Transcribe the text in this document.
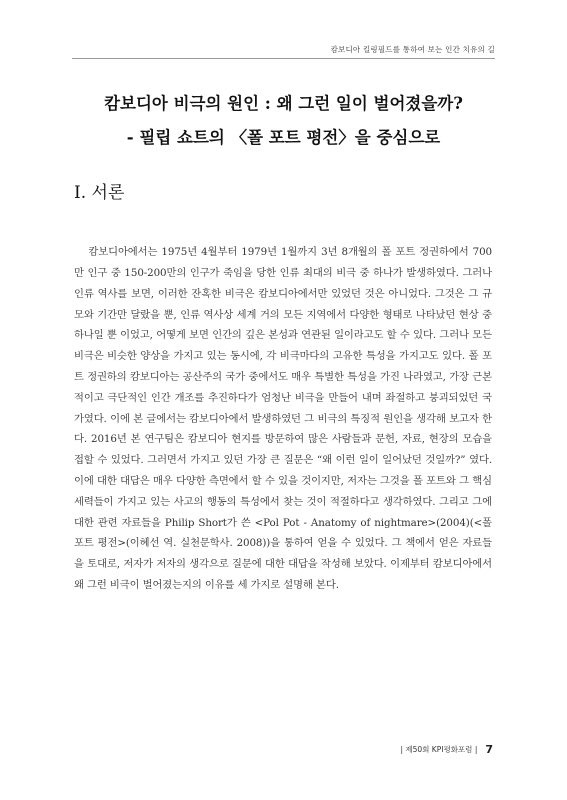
캄보디아 킬링필드를 통하여 보는 인간 치유의 길
캄보디아 비극의 원인 : 왜 그런 일이 벌어졌을까?
- 필립 쇼트의 〈폴 포트 평전〉을 중심으로
I. 서론

캄보디아에서는 1975년 4월부터 1979년 1월까지 3년 8개월의 폴 포트 정권하에서 700만 인구 중 150-200만의 인구가 죽임을 당한 인류 최대의 비극 중 하나가 발생하였다. 그러나 인류 역사를 보면, 이러한 잔혹한 비극은 캄보디아에서만 있었던 것은 아니었다. 그것은 그 규모와 기간만 달랐을 뿐, 인류 역사상 세계 거의 모든 지역에서 다양한 형태로 나타났던 현상 중 하나일 뿐 이었고, 어떻게 보면 인간의 깊은 본성과 연관된 일이라고도 할 수 있다. 그러나 모든 비극은 비슷한 양상을 가지고 있는 동시에, 각 비극마다의 고유한 특성을 가지고도 있다. 폴 포트 정권하의 캄보디아는 공산주의 국가 중에서도 매우 특별한 특성을 가진 나라였고, 가장 근본적이고 극단적인 인간 개조를 추진하다가 엄청난 비극을 만들어 내며 좌절하고 붕괴되었던 국가였다. 이에 본 글에서는 캄보디아에서 발생하였던 그 비극의 특징적 원인을 생각해 보고자 한다. 2016년 본 연구팀은 캄보디아 현지를 방문하여 많은 사람들과 문헌, 자료, 현장의 모습을 접할 수 있었다. 그러면서 가지고 있던 가장 큰 질문은 “왜 이런 일이 일어났던 것일까?” 였다. 이에 대한 대답은 매우 다양한 측면에서 할 수 있을 것이지만, 저자는 그것을 폴 포트와 그 핵심세력들이 가지고 있는 사고의 행동의 특성에서 찾는 것이 적절하다고 생각하였다. 그리고 그에 대한 관련 자료들을 Philip Short가 쓴 <Pol Pot - Anatomy of nightmare>(2004)(<폴 포트 평전>(이혜선 역. 실천문학사. 2008))을 통하여 얻을 수 있었다. 그 책에서 얻은 자료들을 토대로, 저자가 저자의 생각으로 질문에 대한 대답을 작성해 보았다. 이제부터 캄보디아에서 왜 그런 비극이 벌어졌는지의 이유를 세 가지로 설명해 본다.

| 제50회 KPI평화포럼 | 7
